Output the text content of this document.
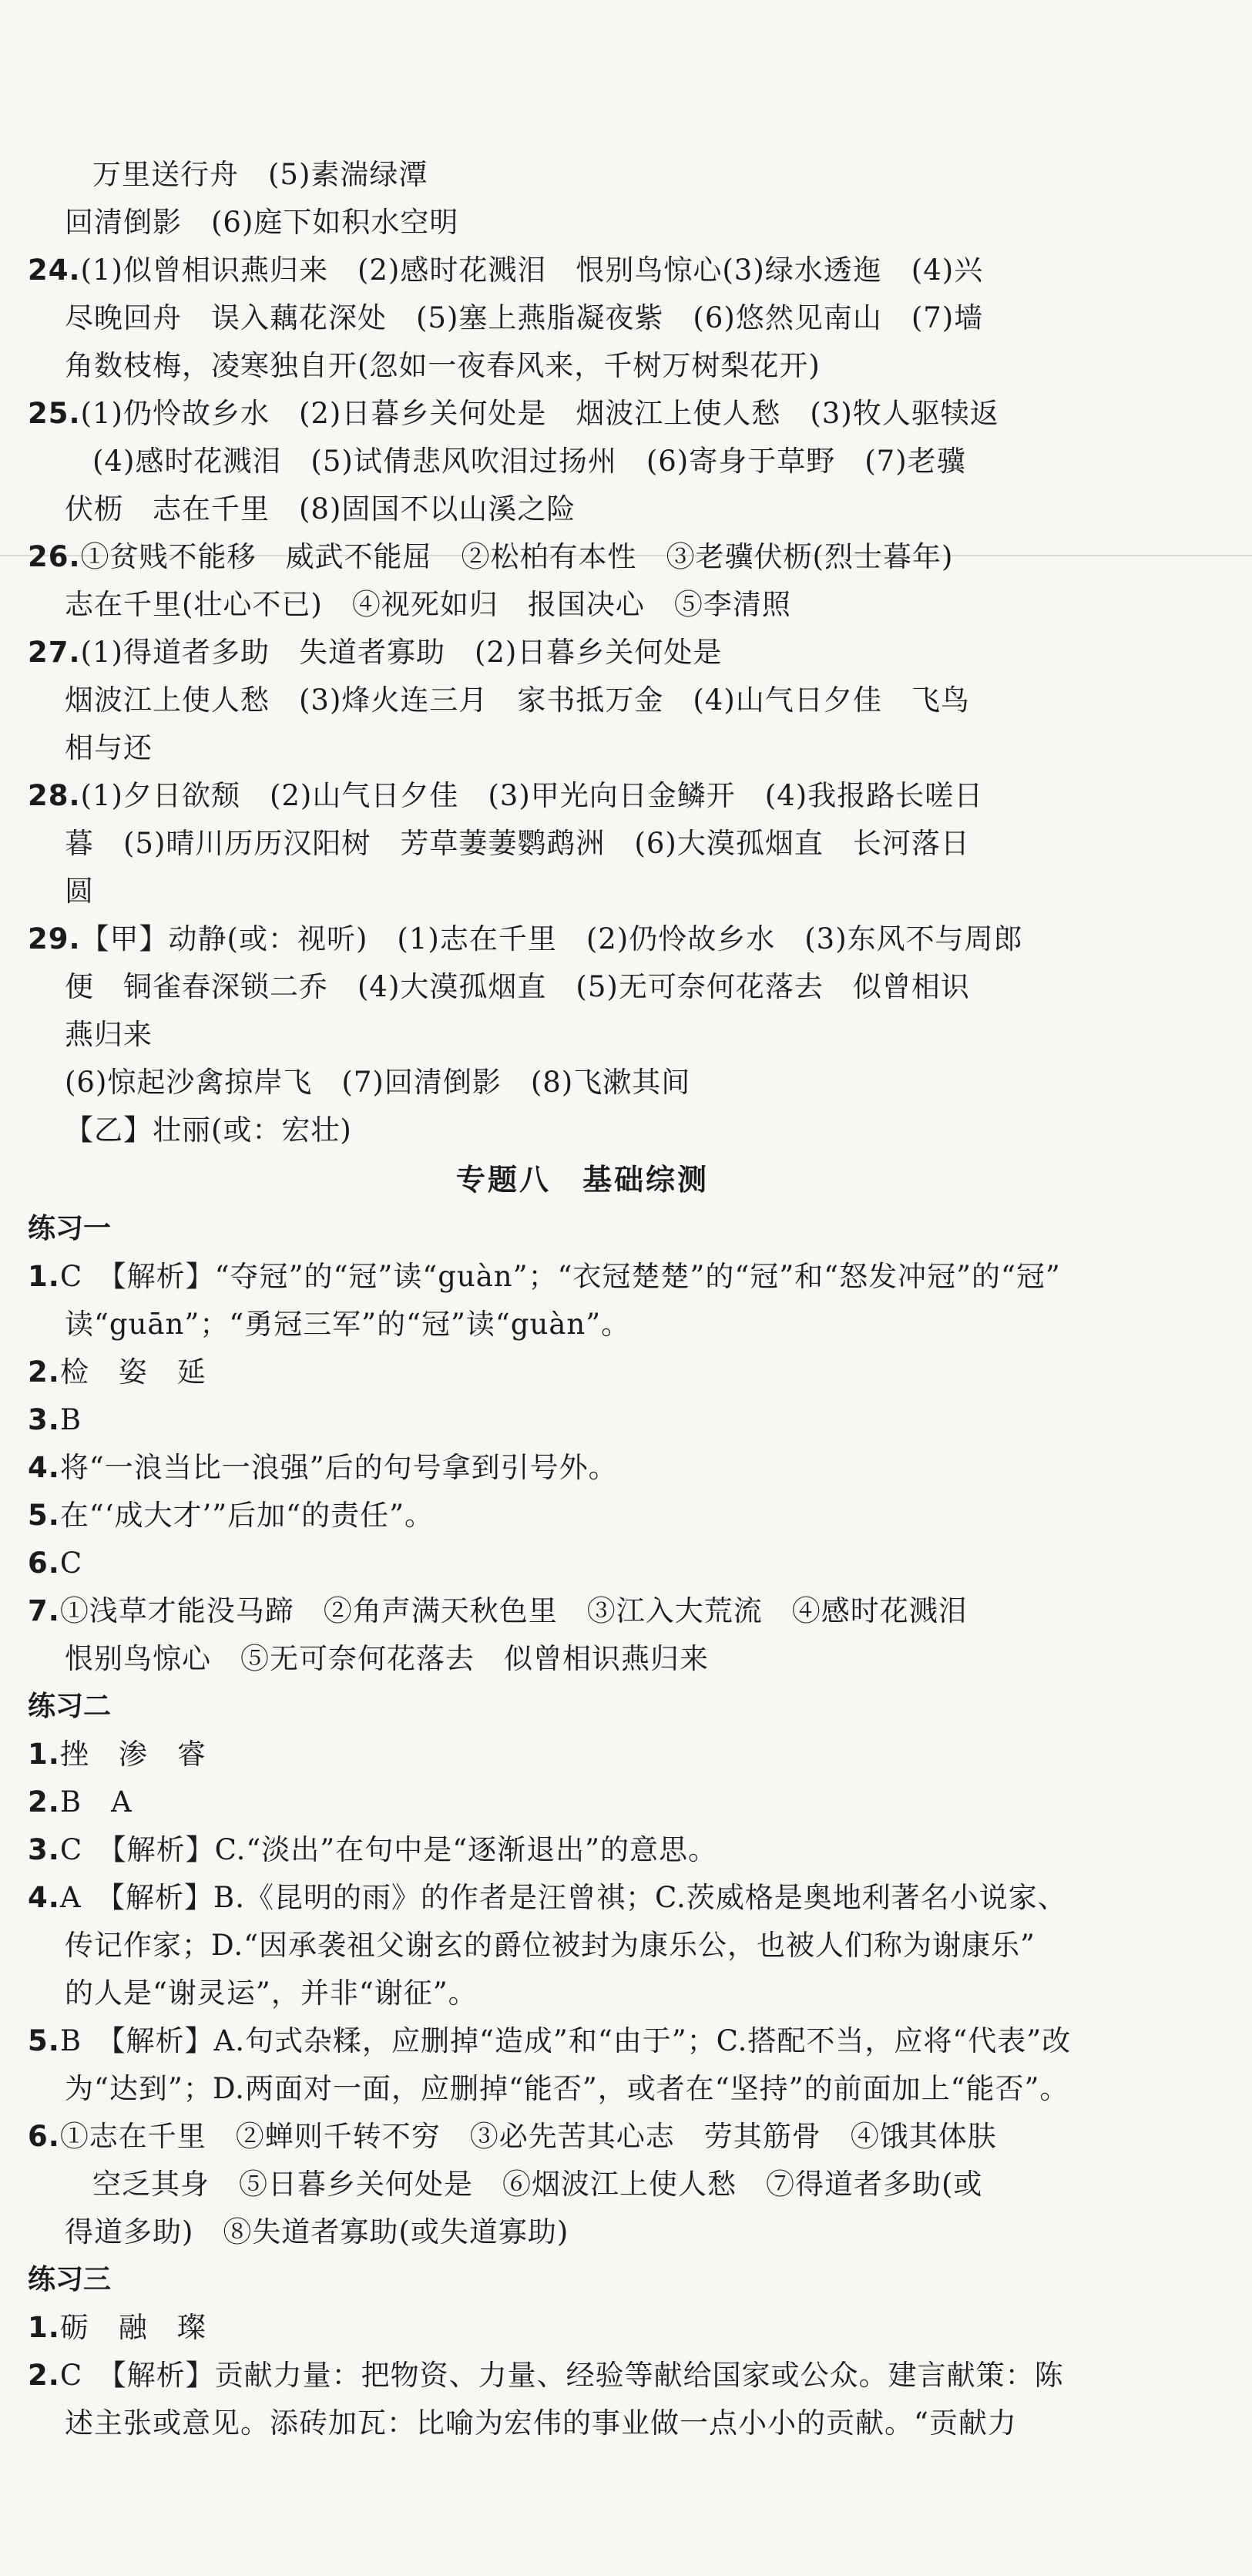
万里送行舟　(5)素湍绿潭
回清倒影　(6)庭下如积水空明
24.(1)似曾相识燕归来　(2)感时花溅泪　恨别鸟惊心(3)绿水透迤　(4)兴
尽晚回舟　误入藕花深处　(5)塞上燕脂凝夜紫　(6)悠然见南山　(7)墙
角数枝梅，凌寒独自开(忽如一夜春风来，千树万树梨花开)
25.(1)仍怜故乡水　(2)日暮乡关何处是　烟波江上使人愁　(3)牧人驱犊返
(4)感时花溅泪　(5)试倩悲风吹泪过扬州　(6)寄身于草野　(7)老骥
伏枥　志在千里　(8)固国不以山溪之险
26.①贫贱不能移　威武不能屈　②松柏有本性　③老骥伏枥(烈士暮年)
志在千里(壮心不已)　④视死如归　报国决心　⑤李清照
27.(1)得道者多助　失道者寡助　(2)日暮乡关何处是
烟波江上使人愁　(3)烽火连三月　家书抵万金　(4)山气日夕佳　飞鸟
相与还
28.(1)夕日欲颓　(2)山气日夕佳　(3)甲光向日金鳞开　(4)我报路长嗟日
暮　(5)晴川历历汉阳树　芳草萋萋鹦鹉洲　(6)大漠孤烟直　长河落日
圆
29.【甲】动静(或：视听)　(1)志在千里　(2)仍怜故乡水　(3)东风不与周郎
便　铜雀春深锁二乔　(4)大漠孤烟直　(5)无可奈何花落去　似曾相识
燕归来
(6)惊起沙禽掠岸飞　(7)回清倒影　(8)飞漱其间
【乙】壮丽(或：宏壮)
专题八　基础综测
练习一
1.C　【解析】“夺冠”的“冠”读“guàn”；“衣冠楚楚”的“冠”和“怒发冲冠”的“冠”
读“guān”；“勇冠三军”的“冠”读“guàn”。
2.检　姿　延
3.B
4.将“一浪当比一浪强”后的句号拿到引号外。
5.在“‘成大才’”后加“的责任”。
6.C
7.①浅草才能没马蹄　②角声满天秋色里　③江入大荒流　④感时花溅泪
恨别鸟惊心　⑤无可奈何花落去　似曾相识燕归来
练习二
1.挫　渗　睿
2.B　A
3.C　【解析】C.“淡出”在句中是“逐渐退出”的意思。
4.A　【解析】B.《昆明的雨》的作者是汪曾祺；C.茨威格是奥地利著名小说家、
传记作家；D.“因承袭祖父谢玄的爵位被封为康乐公，也被人们称为谢康乐”
的人是“谢灵运”，并非“谢征”。
5.B　【解析】A.句式杂糅，应删掉“造成”和“由于”；C.搭配不当，应将“代表”改
为“达到”；D.两面对一面，应删掉“能否”，或者在“坚持”的前面加上“能否”。
6.①志在千里　②蝉则千转不穷　③必先苦其心志　劳其筋骨　④饿其体肤
空乏其身　⑤日暮乡关何处是　⑥烟波江上使人愁　⑦得道者多助(或
得道多助)　⑧失道者寡助(或失道寡助)
练习三
1.砺　融　璨
2.C　【解析】贡献力量：把物资、力量、经验等献给国家或公众。建言献策：陈
述主张或意见。添砖加瓦：比喻为宏伟的事业做一点小小的贡献。“贡献力
